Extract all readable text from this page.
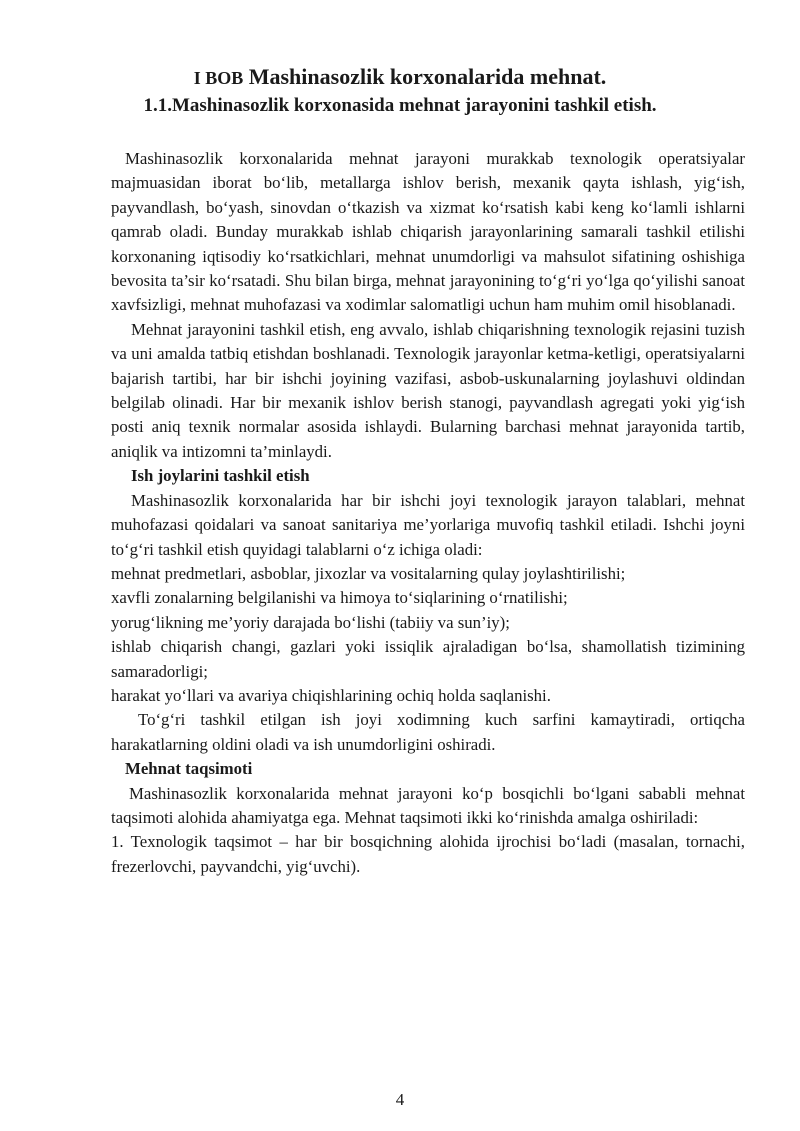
I BOB Mashinasozlik korxonalarida mehnat.
1.1.Mashinasozlik korxonasida mehnat jarayonini tashkil etish.

Mashinasozlik korxonalarida mehnat jarayoni murakkab texnologik operatsiyalar majmuasidan iborat bo‘lib, metallarga ishlov berish, mexanik qayta ishlash, yig‘ish, payvandlash, bo‘yash, sinovdan o‘tkazish va xizmat ko‘rsatish kabi keng ko‘lamli ishlarni qamrab oladi. Bunday murakkab ishlab chiqarish jarayonlarining samarali tashkil etilishi korxonaning iqtisodiy ko‘rsatkichlari, mehnat unumdorligi va mahsulot sifatining oshishiga bevosita ta’sir ko‘rsatadi. Shu bilan birga, mehnat jarayonining to‘g‘ri yo‘lga qo‘yilishi sanoat xavfsizligi, mehnat muhofazasi va xodimlar salomatligi uchun ham muhim omil hisoblanadi.

Mehnat jarayonini tashkil etish, eng avvalo, ishlab chiqarishning texnologik rejasini tuzish va uni amalda tatbiq etishdan boshlanadi. Texnologik jarayonlar ketma-ketligi, operatsiyalarni bajarish tartibi, har bir ishchi joyining vazifasi, asbob-uskunalarning joylashuvi oldindan belgilab olinadi. Har bir mexanik ishlov berish stanogi, payvandlash agregati yoki yig‘ish posti aniq texnik normalar asosida ishlaydi. Bularning barchasi mehnat jarayonida tartib, aniqlik va intizomni ta’minlaydi.

Ish joylarini tashkil etish

Mashinasozlik korxonalarida har bir ishchi joyi texnologik jarayon talablari, mehnat muhofazasi qoidalari va sanoat sanitariya me’yorlariga muvofiq tashkil etiladi. Ishchi joyni to‘g‘ri tashkil etish quyidagi talablarni o‘z ichiga oladi:

mehnat predmetlari, asboblar, jixozlar va vositalarning qulay joylashtirilishi;

xavfli zonalarning belgilanishi va himoya to‘siqlarining o‘rnatilishi;

yorug‘likning me’yoriy darajada bo‘lishi (tabiiy va sun’iy);

ishlab chiqarish changi, gazlari yoki issiqlik ajraladigan bo‘lsa, shamollatish tizimining samaradorligi;

harakat yo‘llari va avariya chiqishlarining ochiq holda saqlanishi.

To‘g‘ri tashkil etilgan ish joyi xodimning kuch sarfini kamaytiradi, ortiqcha harakatlarning oldini oladi va ish unumdorligini oshiradi.

Mehnat taqsimoti

Mashinasozlik korxonalarida mehnat jarayoni ko‘p bosqichli bo‘lgani sababli mehnat taqsimoti alohida ahamiyatga ega. Mehnat taqsimoti ikki ko‘rinishda amalga oshiriladi:

1. Texnologik taqsimot – har bir bosqichning alohida ijrochisi bo‘ladi (masalan, tornachi, frezerlovchi, payvandchi, yig‘uvchi).

4
